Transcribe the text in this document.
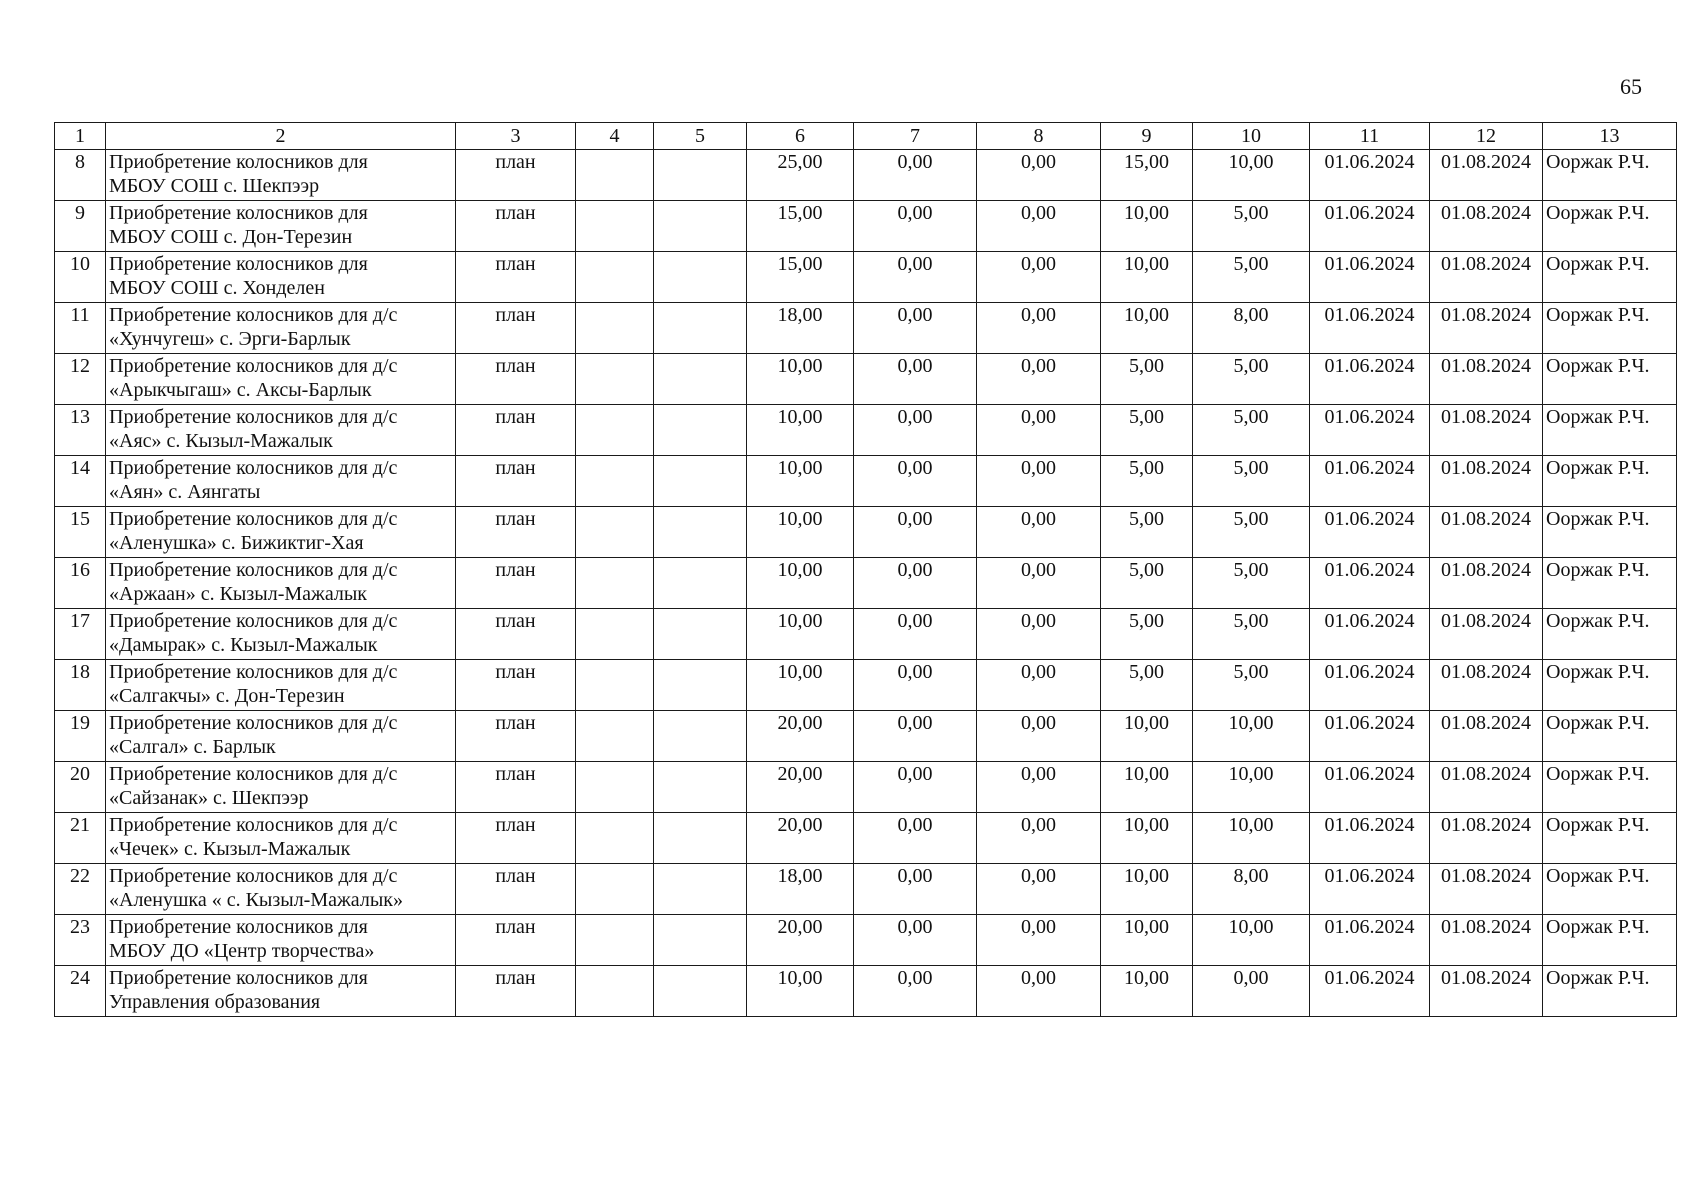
65
1	2	3	4	5	6	7	8	9	10	11	12	13
8	Приобретение колосников для
МБОУ СОШ с. Шекпээр	план			25,00	0,00	0,00	15,00	10,00	01.06.2024	01.08.2024	Ооржак Р.Ч.
9	Приобретение колосников для
МБОУ СОШ с. Дон-Терезин	план			15,00	0,00	0,00	10,00	5,00	01.06.2024	01.08.2024	Ооржак Р.Ч.
10	Приобретение колосников для
МБОУ СОШ с. Хонделен	план			15,00	0,00	0,00	10,00	5,00	01.06.2024	01.08.2024	Ооржак Р.Ч.
11	Приобретение колосников для д/с
«Хунчугеш» с. Эрги-Барлык	план			18,00	0,00	0,00	10,00	8,00	01.06.2024	01.08.2024	Ооржак Р.Ч.
12	Приобретение колосников для д/с
«Арыкчыгаш» с. Аксы-Барлык	план			10,00	0,00	0,00	5,00	5,00	01.06.2024	01.08.2024	Ооржак Р.Ч.
13	Приобретение колосников для д/с
«Аяс» с. Кызыл-Мажалык	план			10,00	0,00	0,00	5,00	5,00	01.06.2024	01.08.2024	Ооржак Р.Ч.
14	Приобретение колосников для д/с
«Аян» с. Аянгаты	план			10,00	0,00	0,00	5,00	5,00	01.06.2024	01.08.2024	Ооржак Р.Ч.
15	Приобретение колосников для д/с
«Аленушка» с. Бижиктиг-Хая	план			10,00	0,00	0,00	5,00	5,00	01.06.2024	01.08.2024	Ооржак Р.Ч.
16	Приобретение колосников для д/с
«Аржаан» с. Кызыл-Мажалык	план			10,00	0,00	0,00	5,00	5,00	01.06.2024	01.08.2024	Ооржак Р.Ч.
17	Приобретение колосников для д/с
«Дамырак» с. Кызыл-Мажалык	план			10,00	0,00	0,00	5,00	5,00	01.06.2024	01.08.2024	Ооржак Р.Ч.
18	Приобретение колосников для д/с
«Салгакчы» с. Дон-Терезин	план			10,00	0,00	0,00	5,00	5,00	01.06.2024	01.08.2024	Ооржак Р.Ч.
19	Приобретение колосников для д/с
«Салгал» с. Барлык	план			20,00	0,00	0,00	10,00	10,00	01.06.2024	01.08.2024	Ооржак Р.Ч.
20	Приобретение колосников для д/с
«Сайзанак» с. Шекпээр	план			20,00	0,00	0,00	10,00	10,00	01.06.2024	01.08.2024	Ооржак Р.Ч.
21	Приобретение колосников для д/с
«Чечек» с. Кызыл-Мажалык	план			20,00	0,00	0,00	10,00	10,00	01.06.2024	01.08.2024	Ооржак Р.Ч.
22	Приобретение колосников для д/с
«Аленушка « с. Кызыл-Мажалык»	план			18,00	0,00	0,00	10,00	8,00	01.06.2024	01.08.2024	Ооржак Р.Ч.
23	Приобретение колосников для
МБОУ ДО «Центр творчества»	план			20,00	0,00	0,00	10,00	10,00	01.06.2024	01.08.2024	Ооржак Р.Ч.
24	Приобретение колосников для
Управления образования	план			10,00	0,00	0,00	10,00	0,00	01.06.2024	01.08.2024	Ооржак Р.Ч.
